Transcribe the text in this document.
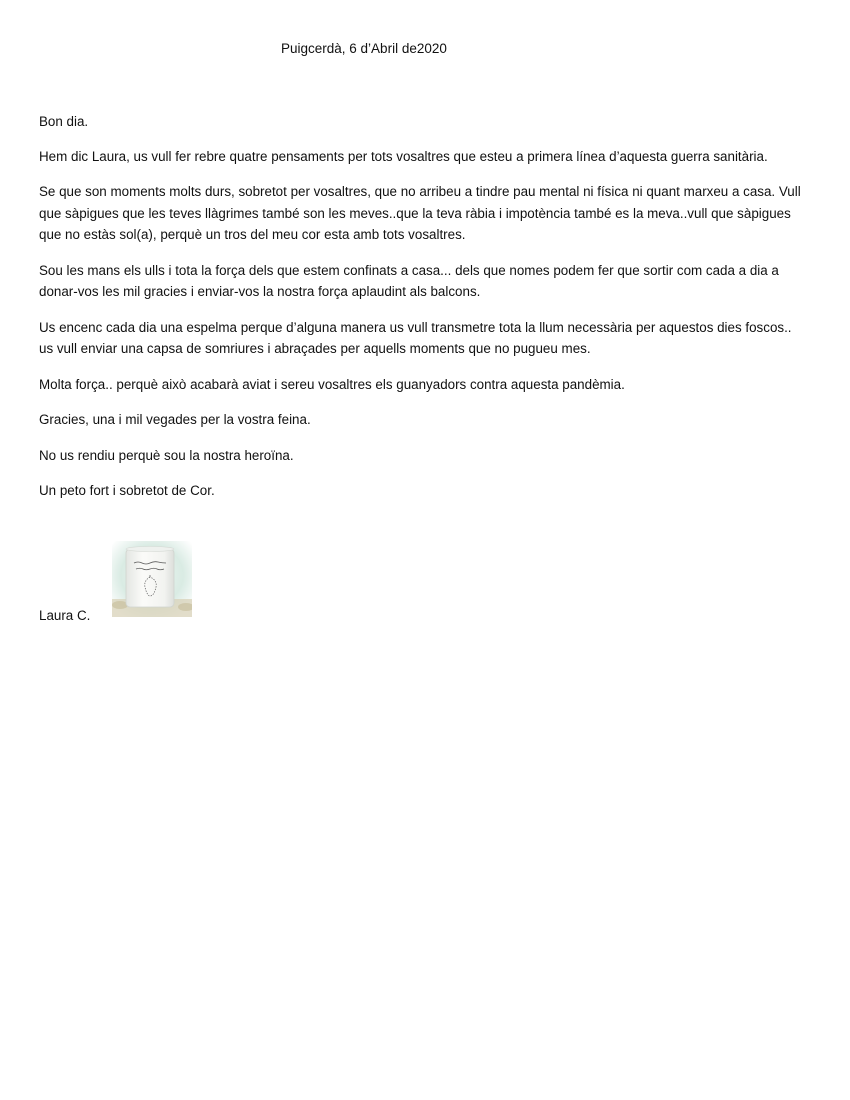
Puigcerdà, 6 d’Abril de2020

Bon dia.

Hem dic Laura, us vull fer rebre quatre pensaments per tots vosaltres que esteu a primera línea d’aquesta guerra sanitària.

Se que son moments molts durs, sobretot per vosaltres, que no arribeu a tindre pau mental ni física ni quant marxeu a casa. Vull que sàpigues que les teves llàgrimes també son les meves..que la teva ràbia i impotència també es la meva..vull que sàpigues que no estàs sol(a), perquè un tros del meu cor esta amb tots vosaltres.

Sou les mans els ulls i tota la força dels que estem confinats a casa... dels que nomes podem fer que sortir com cada a dia a donar-vos les mil gracies i enviar-vos la nostra força aplaudint als balcons.

Us encenc cada dia una espelma perque d’alguna manera us vull transmetre tota la llum necessària per aquestos dies foscos.. us vull enviar una capsa de somriures i abraçades per aquells moments que no pugueu mes.

Molta força.. perquè això acabarà aviat i sereu vosaltres els guanyadors contra aquesta pandèmia.

Gracies, una i mil vegades per la vostra feina.

No us rendiu perquè sou la nostra heroïna.

Un peto fort i sobretot de Cor.

Laura C.
